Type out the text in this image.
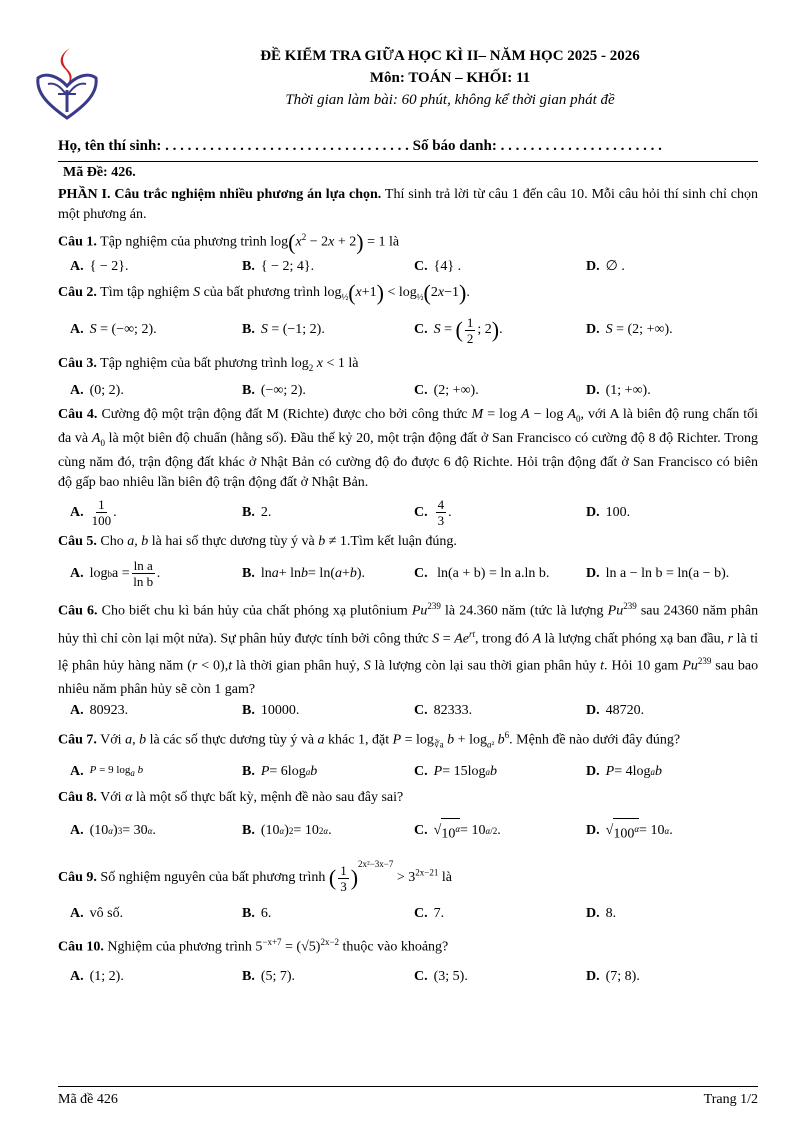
ĐỀ KIỂM TRA GIỮA HỌC KÌ II– NĂM HỌC 2025 - 2026
Môn: TOÁN – KHỐI: 11
Thời gian làm bài: 60 phút, không kể thời gian phát đề
Họ, tên thí sinh: . . . . . . . . . . . . . . . . . . . . . . . . . . . . . . . . . Số báo danh: . . . . . . . . . . . . . . . . . . . . . .

Mã Đề: 426.

PHẦN I. Câu trắc nghiệm nhiều phương án lựa chọn. Thí sinh trả lời từ câu 1 đến câu 10. Mỗi câu hỏi thí sinh chỉ chọn một phương án.

Câu 1. Tập nghiệm của phương trình $\log(x^2 - 2x + 2) = 1$ là

A. { − 2}.	B. { − 2; 4}.	C. {4} .	D. ∅ .

Câu 2. Tìm tập nghiệm S của bất phương trình $\log_{\frac{1}{2}}(x+1) < \log_{\frac{1}{2}}(2x-1)$.

A. S = (−∞; 2).	B. S = (−1; 2).	C. S = ( $\frac{1}{2}$ ; 2 ) .	D. S = (2; +∞).

Câu 3. Tập nghiệm của bất phương trình $\log_2 x < 1$ là

A. (0; 2).	B. (−∞; 2).	C. (2; +∞).	D. (1; +∞).

Câu 4. Cường độ một trận động đất M (Richte) được cho bởi công thức $M = \log A - \log A_0$, với A là biên độ rung chấn tối đa và $A_0$ là một biên độ chuẩn (hằng số). Đầu thế kỷ 20, một trận động đất ở San Francisco có cường độ 8 độ Richter. Trong cùng năm đó, trận động đất khác ở Nhật Bản có cường độ đo được 6 độ Richte. Hỏi trận động đất ở San Francisco có biên độ gấp bao nhiêu lần biên độ trận động đất ở Nhật Bản.

A. $\frac{1}{100}$ .	B. 2.	C. $\frac{4}{3}$ .	D. 100.

Câu 5. Cho a, b là hai số thực dương tùy ý và b ≠ 1.Tìm kết luận đúng.

A. log b $a = \frac{\text{ln a}}{\text{ln b}}$ .	B. ln a + ln b = ln( a + b ).	C. ln(a + b) = ln a.ln b.	D. ln a − ln b = ln(a − b).

Câu 6. Cho biết chu kì bán hủy của chất phóng xạ plutônium Pu$^{239}$ là 24.360 năm (tức là lượng Pu$^{239}$ sau 24360 năm phân hủy thì chỉ còn lại một nửa). Sự phân hủy được tính bởi công thức $S = Ae^{rt}$, trong đó A là lượng chất phóng xạ ban đầu, r là tỉ lệ phân hủy hàng năm (r < 0),t là thời gian phân huỷ, S là lượng còn lại sau thời gian phân hủy t. Hỏi 10 gam Pu$^{239}$ sau bao nhiêu năm phân hủy sẽ còn 1 gam?

A. 80923.	B. 10000.	C. 82333.	D. 48720.

Câu 7. Với a, b là các số thực dương tùy ý và a khác 1, đặt $P = \log_{∛a} b + \log_{a^2} b^6$. Mệnh đề nào dưới đây đúng?

A. P = 9 $\log_a b$	B. P = 6log a b	C. P = 15log a b	D. P = 4log a b

Câu 8. Với α là một số thực bất kỳ, mệnh đề nào sau đây sai?

A. (10 α ) 3 = 30 α .	B. (10 α ) 2 = 10 2α .	C. √ $10^\alpha = 10$ α/2 .	D. √ $100^\alpha = 10$ α .

Câu 9. Số nghiệm nguyên của bất phương trình ( $\frac{1}{3} )^{2x^2-3x-7} > 3^{2x-21}$ là

A. vô số.	B. 6.	C. 7.	D. 8.

Câu 10. Nghiệm của phương trình $5^{-x+7} = (√5)^{2x-2}$ thuộc vào khoảng?

A. (1; 2).	B. (5; 7).	C. (3; 5).	D. (7; 8).
Mã đề 426	Trang 1/2
